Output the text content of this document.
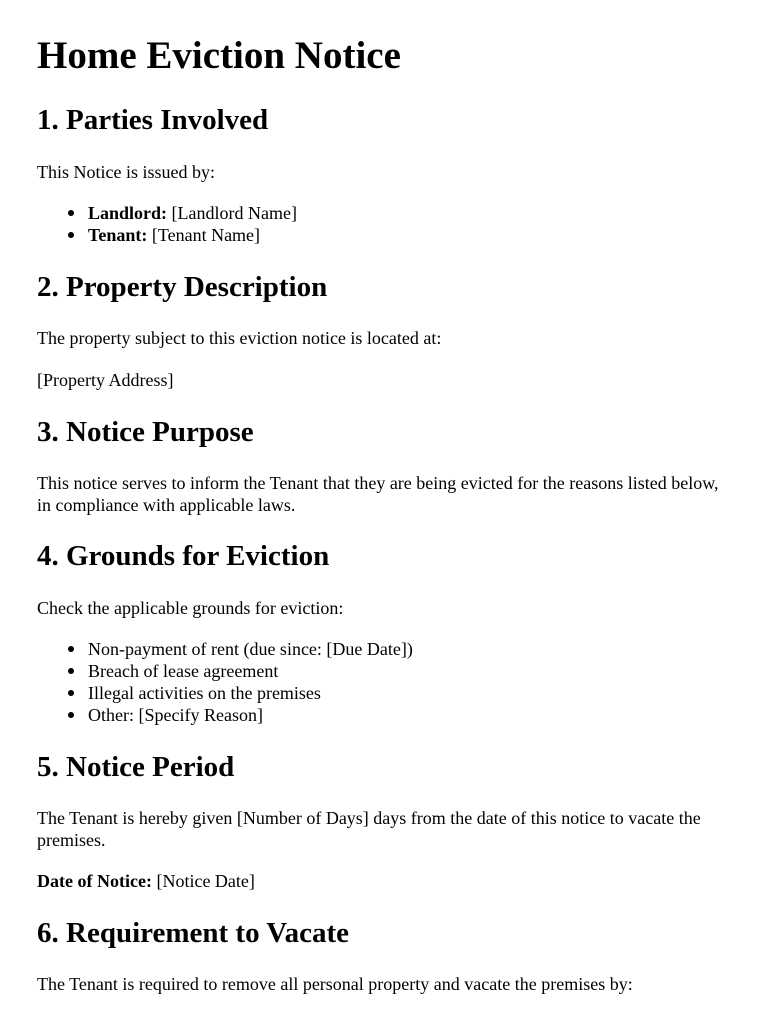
Home Eviction Notice
1. Parties Involved

This Notice is issued by:

Landlord: [Landlord Name]
Tenant: [Tenant Name]
2. Property Description

The property subject to this eviction notice is located at:

[Property Address]

3. Notice Purpose

This notice serves to inform the Tenant that they are being evicted for the reasons listed below, in compliance with applicable laws.

4. Grounds for Eviction

Check the applicable grounds for eviction:

Non-payment of rent (due since: [Due Date])
Breach of lease agreement
Illegal activities on the premises
Other: [Specify Reason]
5. Notice Period

The Tenant is hereby given [Number of Days] days from the date of this notice to vacate the premises.

Date of Notice: [Notice Date]

6. Requirement to Vacate

The Tenant is required to remove all personal property and vacate the premises by:
